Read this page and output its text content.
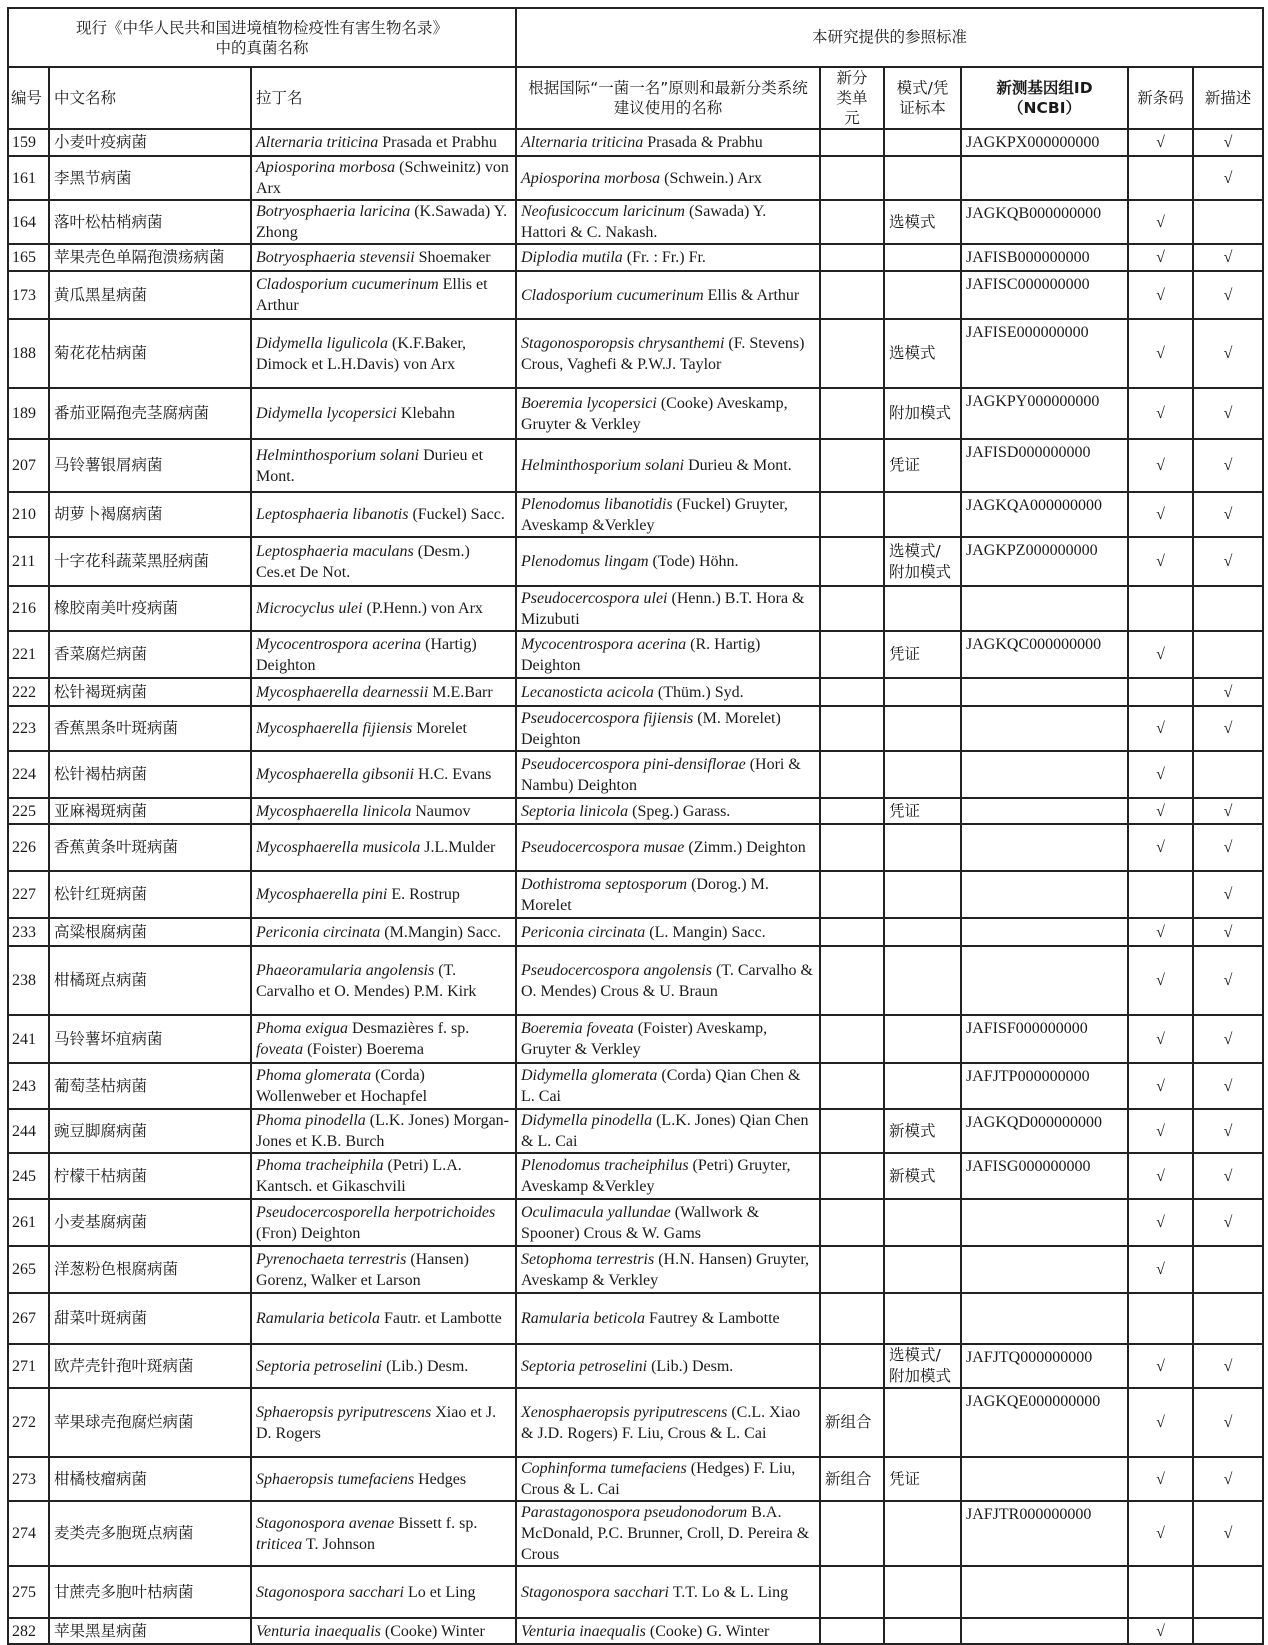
现行《中华人民共和国进境植物检疫性有害生物名录》中的真菌名称			本研究提供的参照标准					
编号	中文名称	拉丁名	根据国际“一菌一名”原则和最新分类系统建议使用的名称	新分类单元	模式/凭证标本	新测基因组ID（NCBI）	新条码	新描述
159	小麦叶疫病菌	Alternaria triticina Prasada et Prabhu	Alternaria triticina Prasada & Prabhu			JAGKPX000000000	√	√
161	李黑节病菌	Apiosporina morbosa (Schweinitz) von Arx	Apiosporina morbosa (Schwein.) Arx					√
164	落叶松枯梢病菌	Botryosphaeria laricina (K.Sawada) Y. Zhong	Neofusicoccum laricinum (Sawada) Y. Hattori & C. Nakash.		选模式	JAGKQB000000000	√	
165	苹果壳色单隔孢溃疡病菌	Botryosphaeria stevensii Shoemaker	Diplodia mutila (Fr. : Fr.) Fr.			JAFISB000000000	√	√
173	黄瓜黑星病菌	Cladosporium cucumerinum Ellis et Arthur	Cladosporium cucumerinum Ellis & Arthur			JAFISC000000000	√	√
188	菊花花枯病菌	Didymella ligulicola (K.F.Baker, Dimock et L.H.Davis) von Arx	Stagonosporopsis chrysanthemi (F. Stevens) Crous, Vaghefi & P.W.J. Taylor		选模式	JAFISE000000000	√	√
189	番茄亚隔孢壳茎腐病菌	Didymella lycopersici Klebahn	Boeremia lycopersici (Cooke) Aveskamp, Gruyter & Verkley		附加模式	JAGKPY000000000	√	√
207	马铃薯银屑病菌	Helminthosporium solani Durieu et Mont.	Helminthosporium solani Durieu & Mont.		凭证	JAFISD000000000	√	√
210	胡萝卜褐腐病菌	Leptosphaeria libanotis (Fuckel) Sacc.	Plenodomus libanotidis (Fuckel) Gruyter, Aveskamp &Verkley			JAGKQA000000000	√	√
211	十字花科蔬菜黑胫病菌	Leptosphaeria maculans (Desm.) Ces.et De Not.	Plenodomus lingam (Tode) Höhn.		选模式/附加模式	JAGKPZ000000000	√	√
216	橡胶南美叶疫病菌	Microcyclus ulei (P.Henn.) von Arx	Pseudocercospora ulei (Henn.) B.T. Hora & Mizubuti					
221	香菜腐烂病菌	Mycocentrospora acerina (Hartig) Deighton	Mycocentrospora acerina (R. Hartig) Deighton		凭证	JAGKQC000000000	√	
222	松针褐斑病菌	Mycosphaerella dearnessii M.E.Barr	Lecanosticta acicola (Thüm.) Syd.					√
223	香蕉黑条叶斑病菌	Mycosphaerella fijiensis Morelet	Pseudocercospora fijiensis (M. Morelet) Deighton				√	√
224	松针褐枯病菌	Mycosphaerella gibsonii H.C. Evans	Pseudocercospora pini-densiflorae (Hori & Nambu) Deighton				√	
225	亚麻褐斑病菌	Mycosphaerella linicola Naumov	Septoria linicola (Speg.) Garass.		凭证		√	√
226	香蕉黄条叶斑病菌	Mycosphaerella musicola J.L.Mulder	Pseudocercospora musae (Zimm.) Deighton				√	√
227	松针红斑病菌	Mycosphaerella pini E. Rostrup	Dothistroma septosporum (Dorog.) M. Morelet					√
233	高粱根腐病菌	Periconia circinata (M.Mangin) Sacc.	Periconia circinata (L. Mangin) Sacc.				√	√
238	柑橘斑点病菌	Phaeoramularia angolensis (T. Carvalho et O. Mendes) P.M. Kirk	Pseudocercospora angolensis (T. Carvalho & O. Mendes) Crous & U. Braun				√	√
241	马铃薯坏疽病菌	Phoma exigua Desmazières f. sp. foveata (Foister) Boerema	Boeremia foveata (Foister) Aveskamp, Gruyter & Verkley			JAFISF000000000	√	√
243	葡萄茎枯病菌	Phoma glomerata (Corda) Wollenweber et Hochapfel	Didymella glomerata (Corda) Qian Chen & L. Cai			JAFJTP000000000	√	√
244	豌豆脚腐病菌	Phoma pinodella (L.K. Jones) Morgan-Jones et K.B. Burch	Didymella pinodella (L.K. Jones) Qian Chen & L. Cai		新模式	JAGKQD000000000	√	√
245	柠檬干枯病菌	Phoma tracheiphila (Petri) L.A. Kantsch. et Gikaschvili	Plenodomus tracheiphilus (Petri) Gruyter, Aveskamp &Verkley		新模式	JAFISG000000000	√	√
261	小麦基腐病菌	Pseudocercosporella herpotrichoides (Fron) Deighton	Oculimacula yallundae (Wallwork & Spooner) Crous & W. Gams				√	√
265	洋葱粉色根腐病菌	Pyrenochaeta terrestris (Hansen) Gorenz, Walker et Larson	Setophoma terrestris (H.N. Hansen) Gruyter, Aveskamp & Verkley				√	
267	甜菜叶斑病菌	Ramularia beticola Fautr. et Lambotte	Ramularia beticola Fautrey & Lambotte					
271	欧芹壳针孢叶斑病菌	Septoria petroselini (Lib.) Desm.	Septoria petroselini (Lib.) Desm.		选模式/附加模式	JAFJTQ000000000	√	√
272	苹果球壳孢腐烂病菌	Sphaeropsis pyriputrescens Xiao et J. D. Rogers	Xenosphaeropsis pyriputrescens (C.L. Xiao & J.D. Rogers) F. Liu, Crous & L. Cai	新组合		JAGKQE000000000	√	√
273	柑橘枝瘤病菌	Sphaeropsis tumefaciens Hedges	Cophinforma tumefaciens (Hedges) F. Liu, Crous & L. Cai	新组合	凭证		√	√
274	麦类壳多胞斑点病菌	Stagonospora avenae Bissett f. sp. triticea T. Johnson	Parastagonospora pseudonodorum B.A. McDonald, P.C. Brunner, Croll, D. Pereira & Crous			JAFJTR000000000	√	√
275	甘蔗壳多胞叶枯病菌	Stagonospora sacchari Lo et Ling	Stagonospora sacchari T.T. Lo & L. Ling					
282	苹果黑星病菌	Venturia inaequalis (Cooke) Winter	Venturia inaequalis (Cooke) G. Winter				√	
